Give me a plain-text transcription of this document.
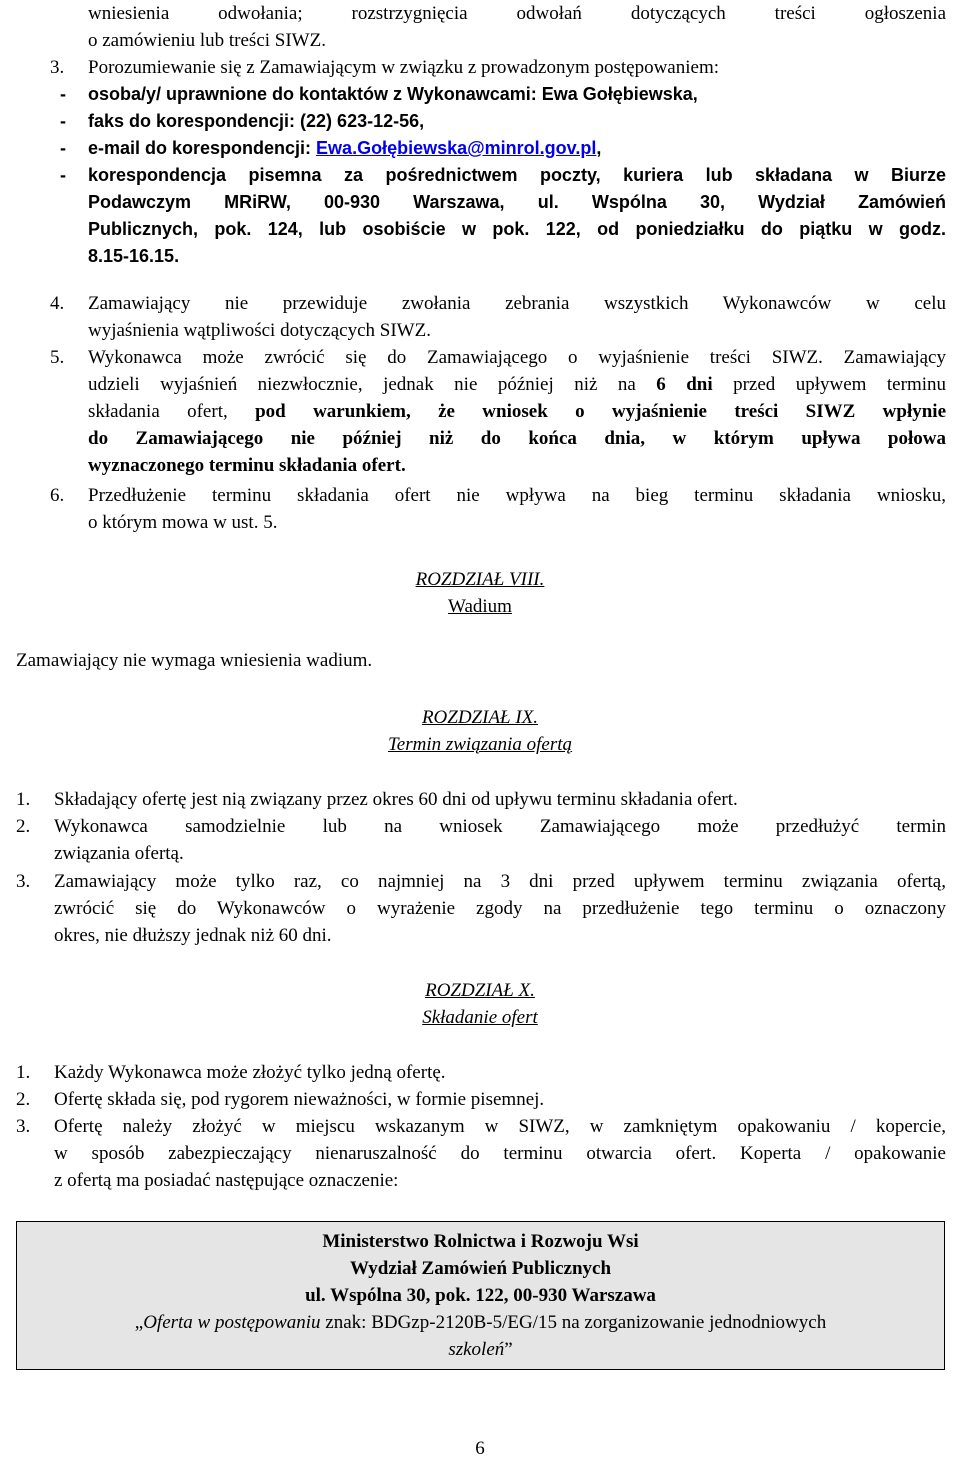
wniesienia odwołania; rozstrzygnięcia odwołań dotyczących treści ogłoszenia
o zamówieniu lub treści SIWZ.
3. Porozumiewanie się z Zamawiającym w związku z prowadzonym postępowaniem:
- osoba/y/ uprawnione do kontaktów z Wykonawcami: Ewa Gołębiewska,
- faks do korespondencji: (22) 623-12-56,
- e-mail do korespondencji: Ewa.Gołębiewska@minrol.gov.pl,
- korespondencja pisemna za pośrednictwem poczty, kuriera lub składana w Biurze
Podawczym MRiRW, 00-930 Warszawa, ul. Wspólna 30, Wydział Zamówień
Publicznych, pok. 124, lub osobiście w pok. 122, od poniedziałku do piątku w godz.
8.15-16.15.
4. Zamawiający nie przewiduje zwołania zebrania wszystkich Wykonawców w celu
wyjaśnienia wątpliwości dotyczących SIWZ.
5. Wykonawca może zwrócić się do Zamawiającego o wyjaśnienie treści SIWZ. Zamawiający
udzieli wyjaśnień niezwłocznie, jednak nie później niż na 6 dni przed upływem terminu
składania ofert, pod warunkiem, że wniosek o wyjaśnienie treści SIWZ wpłynie
do Zamawiającego nie później niż do końca dnia, w którym upływa połowa
wyznaczonego terminu składania ofert.
6. Przedłużenie terminu składania ofert nie wpływa na bieg terminu składania wniosku,
o którym mowa w ust. 5.
ROZDZIAŁ VIII.
Wadium
Zamawiający nie wymaga wniesienia wadium.
ROZDZIAŁ IX.
Termin związania ofertą
1. Składający ofertę jest nią związany przez okres 60 dni od upływu terminu składania ofert.
2. Wykonawca samodzielnie lub na wniosek Zamawiającego może przedłużyć termin
związania ofertą.
3. Zamawiający może tylko raz, co najmniej na 3 dni przed upływem terminu związania ofertą,
zwrócić się do Wykonawców o wyrażenie zgody na przedłużenie tego terminu o oznaczony
okres, nie dłuższy jednak niż 60 dni.
ROZDZIAŁ X.
Składanie ofert
1. Każdy Wykonawca może złożyć tylko jedną ofertę.
2. Ofertę składa się, pod rygorem nieważności, w formie pisemnej.
3. Ofertę należy złożyć w miejscu wskazanym w SIWZ, w zamkniętym opakowaniu / kopercie,
w sposób zabezpieczający nienaruszalność do terminu otwarcia ofert. Koperta / opakowanie
z ofertą ma posiadać następujące oznaczenie:
Ministerstwo Rolnictwa i Rozwoju Wsi
Wydział Zamówień Publicznych
ul. Wspólna 30, pok. 122, 00-930 Warszawa
„Oferta w postępowaniu znak: BDGzp-2120B-5/EG/15 na zorganizowanie jednodniowych
szkoleń”
6
